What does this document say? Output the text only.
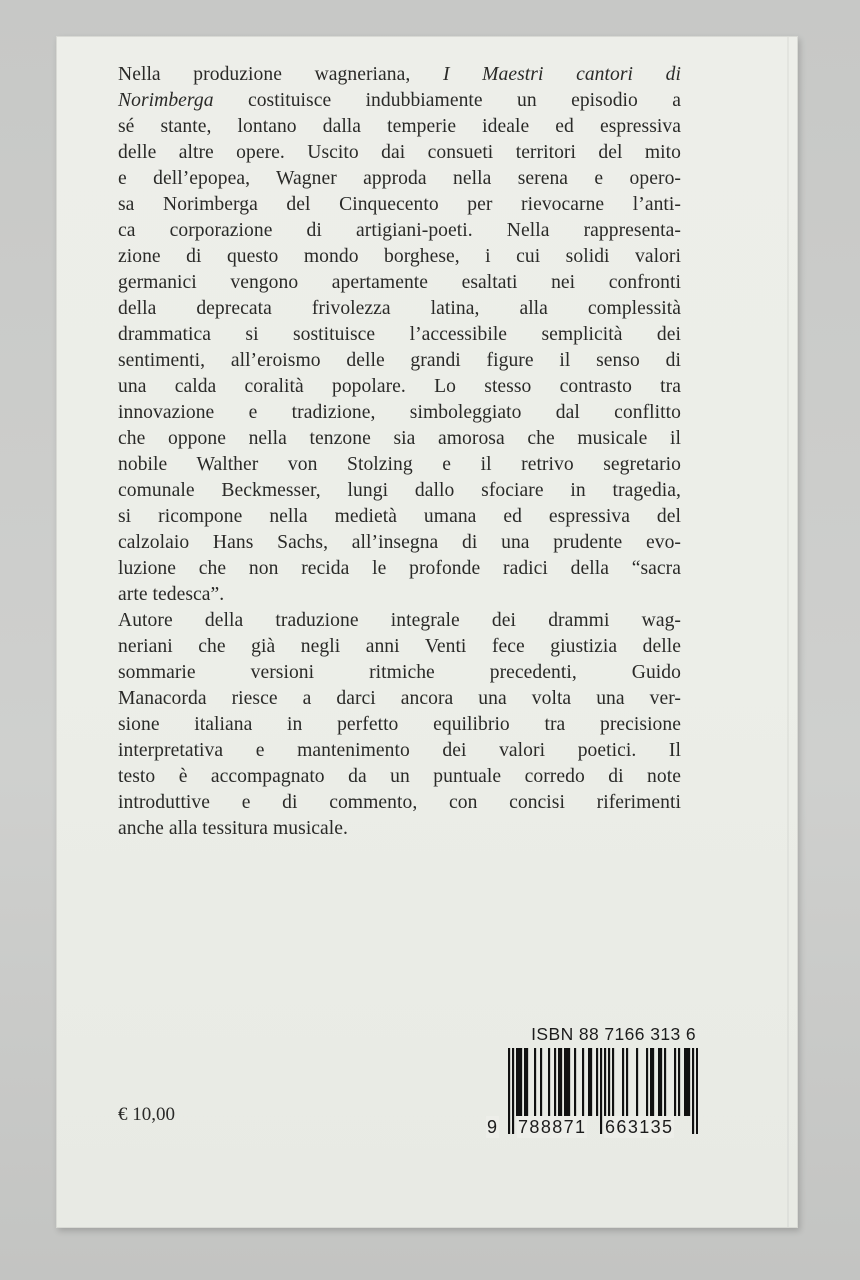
Nella produzione wagneriana, I Maestri cantori di
Norimberga costituisce indubbiamente un episodio a
sé stante, lontano dalla temperie ideale ed espressiva
delle altre opere. Uscito dai consueti territori del mito
e dell’epopea, Wagner approda nella serena e opero-
sa Norimberga del Cinquecento per rievocarne l’anti-
ca corporazione di artigiani-poeti. Nella rappresenta-
zione di questo mondo borghese, i cui solidi valori
germanici vengono apertamente esaltati nei confronti
della deprecata frivolezza latina, alla complessità
drammatica si sostituisce l’accessibile semplicità dei
sentimenti, all’eroismo delle grandi figure il senso di
una calda coralità popolare. Lo stesso contrasto tra
innovazione e tradizione, simboleggiato dal conflitto
che oppone nella tenzone sia amorosa che musicale il
nobile Walther von Stolzing e il retrivo segretario
comunale Beckmesser, lungi dallo sfociare in tragedia,
si ricompone nella medietà umana ed espressiva del
calzolaio Hans Sachs, all’insegna di una prudente evo-
luzione che non recida le profonde radici della “sacra
arte tedesca”.

Autore della traduzione integrale dei drammi wag-
neriani che già negli anni Venti fece giustizia delle
sommarie versioni ritmiche precedenti, Guido
Manacorda riesce a darci ancora una volta una ver-
sione italiana in perfetto equilibrio tra precisione
interpretativa e mantenimento dei valori poetici. Il
testo è accompagnato da un puntuale corredo di note
introduttive e di commento, con concisi riferimenti
anche alla tessitura musicale.

€ 10,00
ISBN 88 7166 313 6
9 788871 663135
